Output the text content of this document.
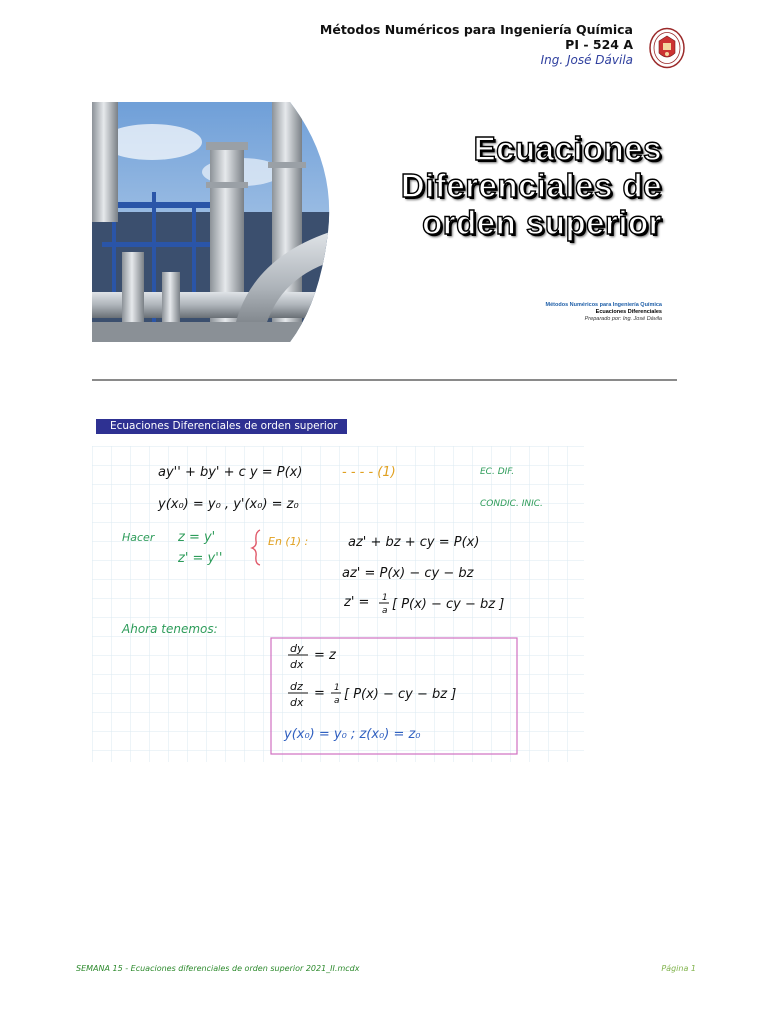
Métodos Numéricos para Ingeniería Química
PI - 524 A
Ing. José Dávila
Ecuaciones
Diferenciales de
orden superior
Métodos Numéricos para Ingeniería Química
Ecuaciones Diferenciales
Preparado por: Ing. José Dávila
Ecuaciones Diferenciales de orden superior
ay'' + by' + c y = P(x)	- - - - (1)	EC. DIF.
y(x₀) = y₀ , y'(x₀) = z₀	CONDIC. INIC.
Hacer z = y'
z' = y''
En (1) :	az' + bz + cy = P(x)
az' = P(x) − cy − bz
z' = 1
a [ P(x) − cy − bz ]
Ahora tenemos:
dy
dx
= z
dz
dx
= 1
a [ P(x) − cy − bz ]
y(x₀) = y₀ ; z(x₀) = z₀
SEMANA 15 - Ecuaciones diferenciales de orden superior 2021_II.mcdx	Página 1
